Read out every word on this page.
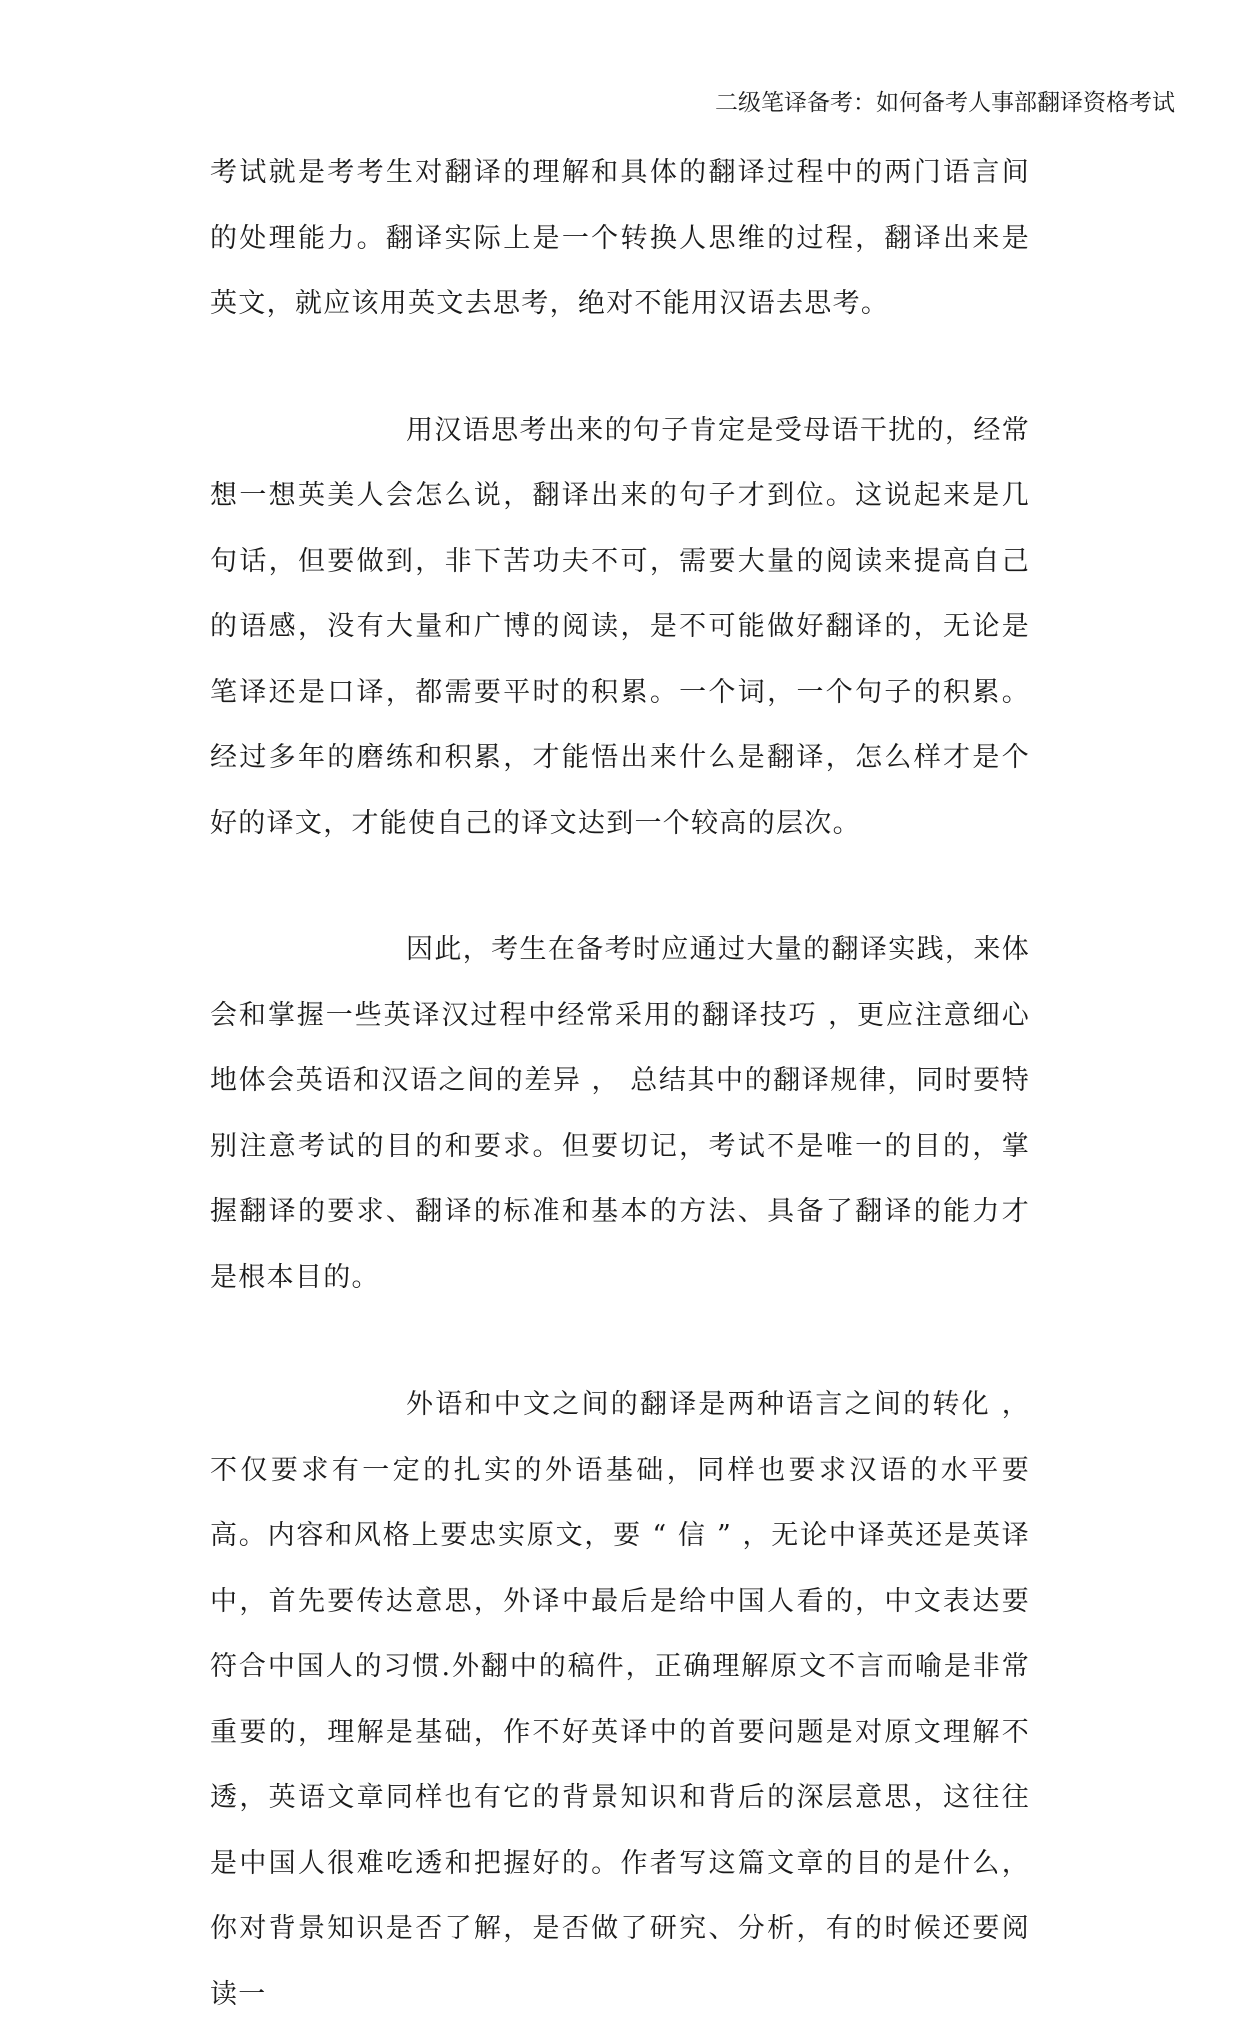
二级笔译备考：如何备考人事部翻译资格考试

考试就是考考生对翻译的理解和具体的翻译过程中的两门语言间的处理能力。翻译实际上是一个转换人思维的过程，翻译出来是英文，就应该用英文去思考，绝对不能用汉语去思考。

用汉语思考出来的句子肯定是受母语干扰的，经常想一想英美人会怎么说，翻译出来的句子才到位。这说起来是几句话，但要做到，非下苦功夫不可，需要大量的阅读来提高自己的语感，没有大量和广博的阅读，是不可能做好翻译的，无论是笔译还是口译，都需要平时的积累。一个词，一个句子的积累。经过多年的磨练和积累，才能悟出来什么是翻译，怎么样才是个好的译文，才能使自己的译文达到一个较高的层次。

因此，考生在备考时应通过大量的翻译实践，来体会和掌握一些英译汉过程中经常采用的翻译技巧 ，更应注意细心地体会英语和汉语之间的差异 ， 总结其中的翻译规律，同时要特别注意考试的目的和要求。但要切记，考试不是唯一的目的，掌握翻译的要求、翻译的标准和基本的方法、具备了翻译的能力才是根本目的。

外语和中文之间的翻译是两种语言之间的转化 ， 不仅要求有一定的扎实的外语基础，同样也要求汉语的水平要高。内容和风格上要忠实原文，要 “ 信 ” ，无论中译英还是英译中，首先要传达意思，外译中最后是给中国人看的，中文表达要符合中国人的习惯.外翻中的稿件，正确理解原文不言而喻是非常重要的，理解是基础，作不好英译中的首要问题是对原文理解不透，英语文章同样也有它的背景知识和背后的深层意思，这往往是中国人很难吃透和把握好的。作者写这篇文章的目的是什么，你对背景知识是否了解，是否做了研究、分析，有的时候还要阅读一
